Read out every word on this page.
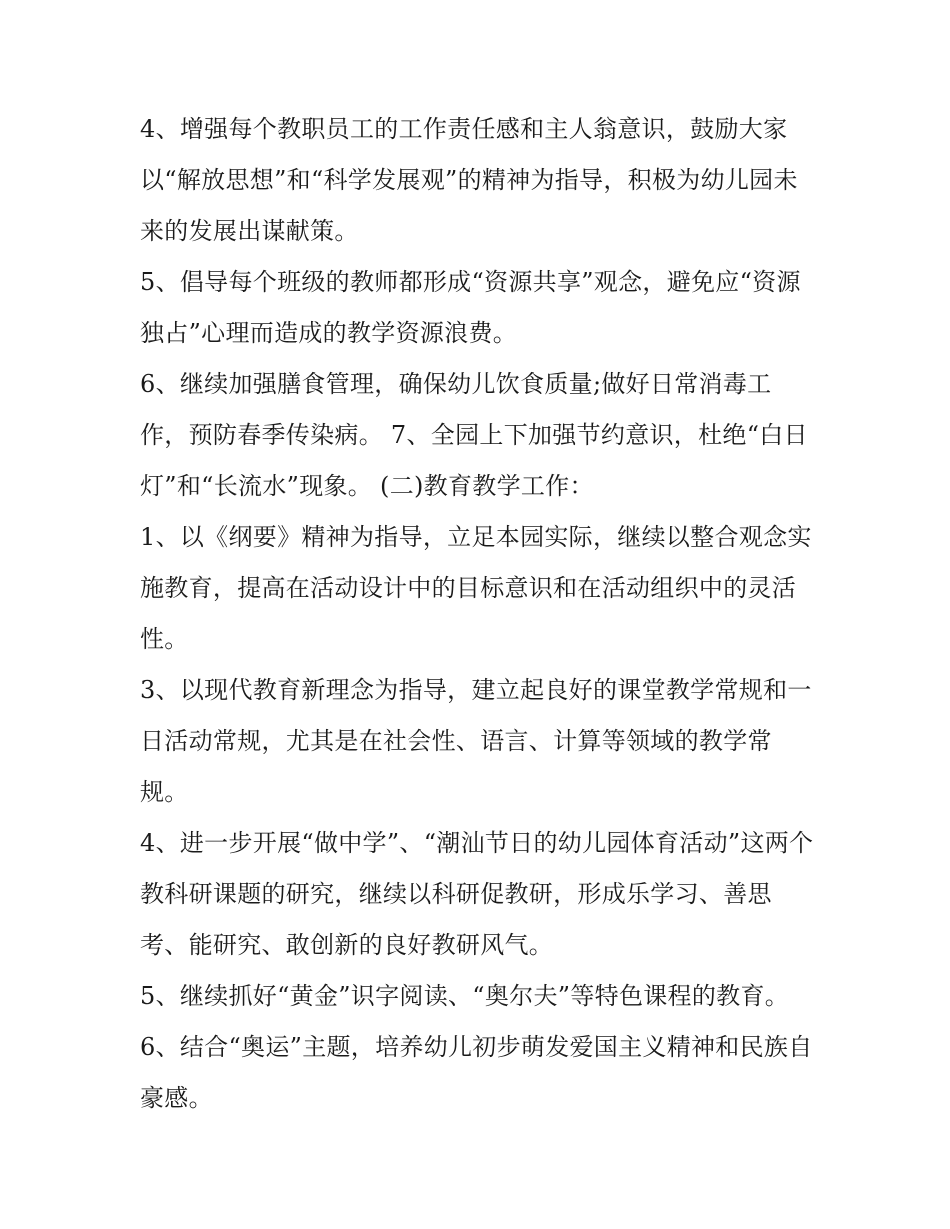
4、增强每个教职员工的工作责任感和主人翁意识，鼓励大家以“解放思想”和“科学发展观”的精神为指导，积极为幼儿园未来的发展出谋献策。

5、倡导每个班级的教师都形成“资源共享”观念，避免应“资源独占”心理而造成的教学资源浪费。

6、继续加强膳食管理，确保幼儿饮食质量;做好日常消毒工作，预防春季传染病。 7、全园上下加强节约意识，杜绝“白日灯”和“长流水”现象。 (二)教育教学工作：

1、以《纲要》精神为指导，立足本园实际，继续以整合观念实施教育，提高在活动设计中的目标意识和在活动组织中的灵活性。

3、以现代教育新理念为指导，建立起良好的课堂教学常规和一日活动常规，尤其是在社会性、语言、计算等领域的教学常规。

4、进一步开展“做中学”、“潮汕节日的幼儿园体育活动”这两个教科研课题的研究，继续以科研促教研，形成乐学习、善思考、能研究、敢创新的良好教研风气。

5、继续抓好“黄金”识字阅读、“奥尔夫”等特色课程的教育。

6、结合“奥运”主题，培养幼儿初步萌发爱国主义精神和民族自豪感。
